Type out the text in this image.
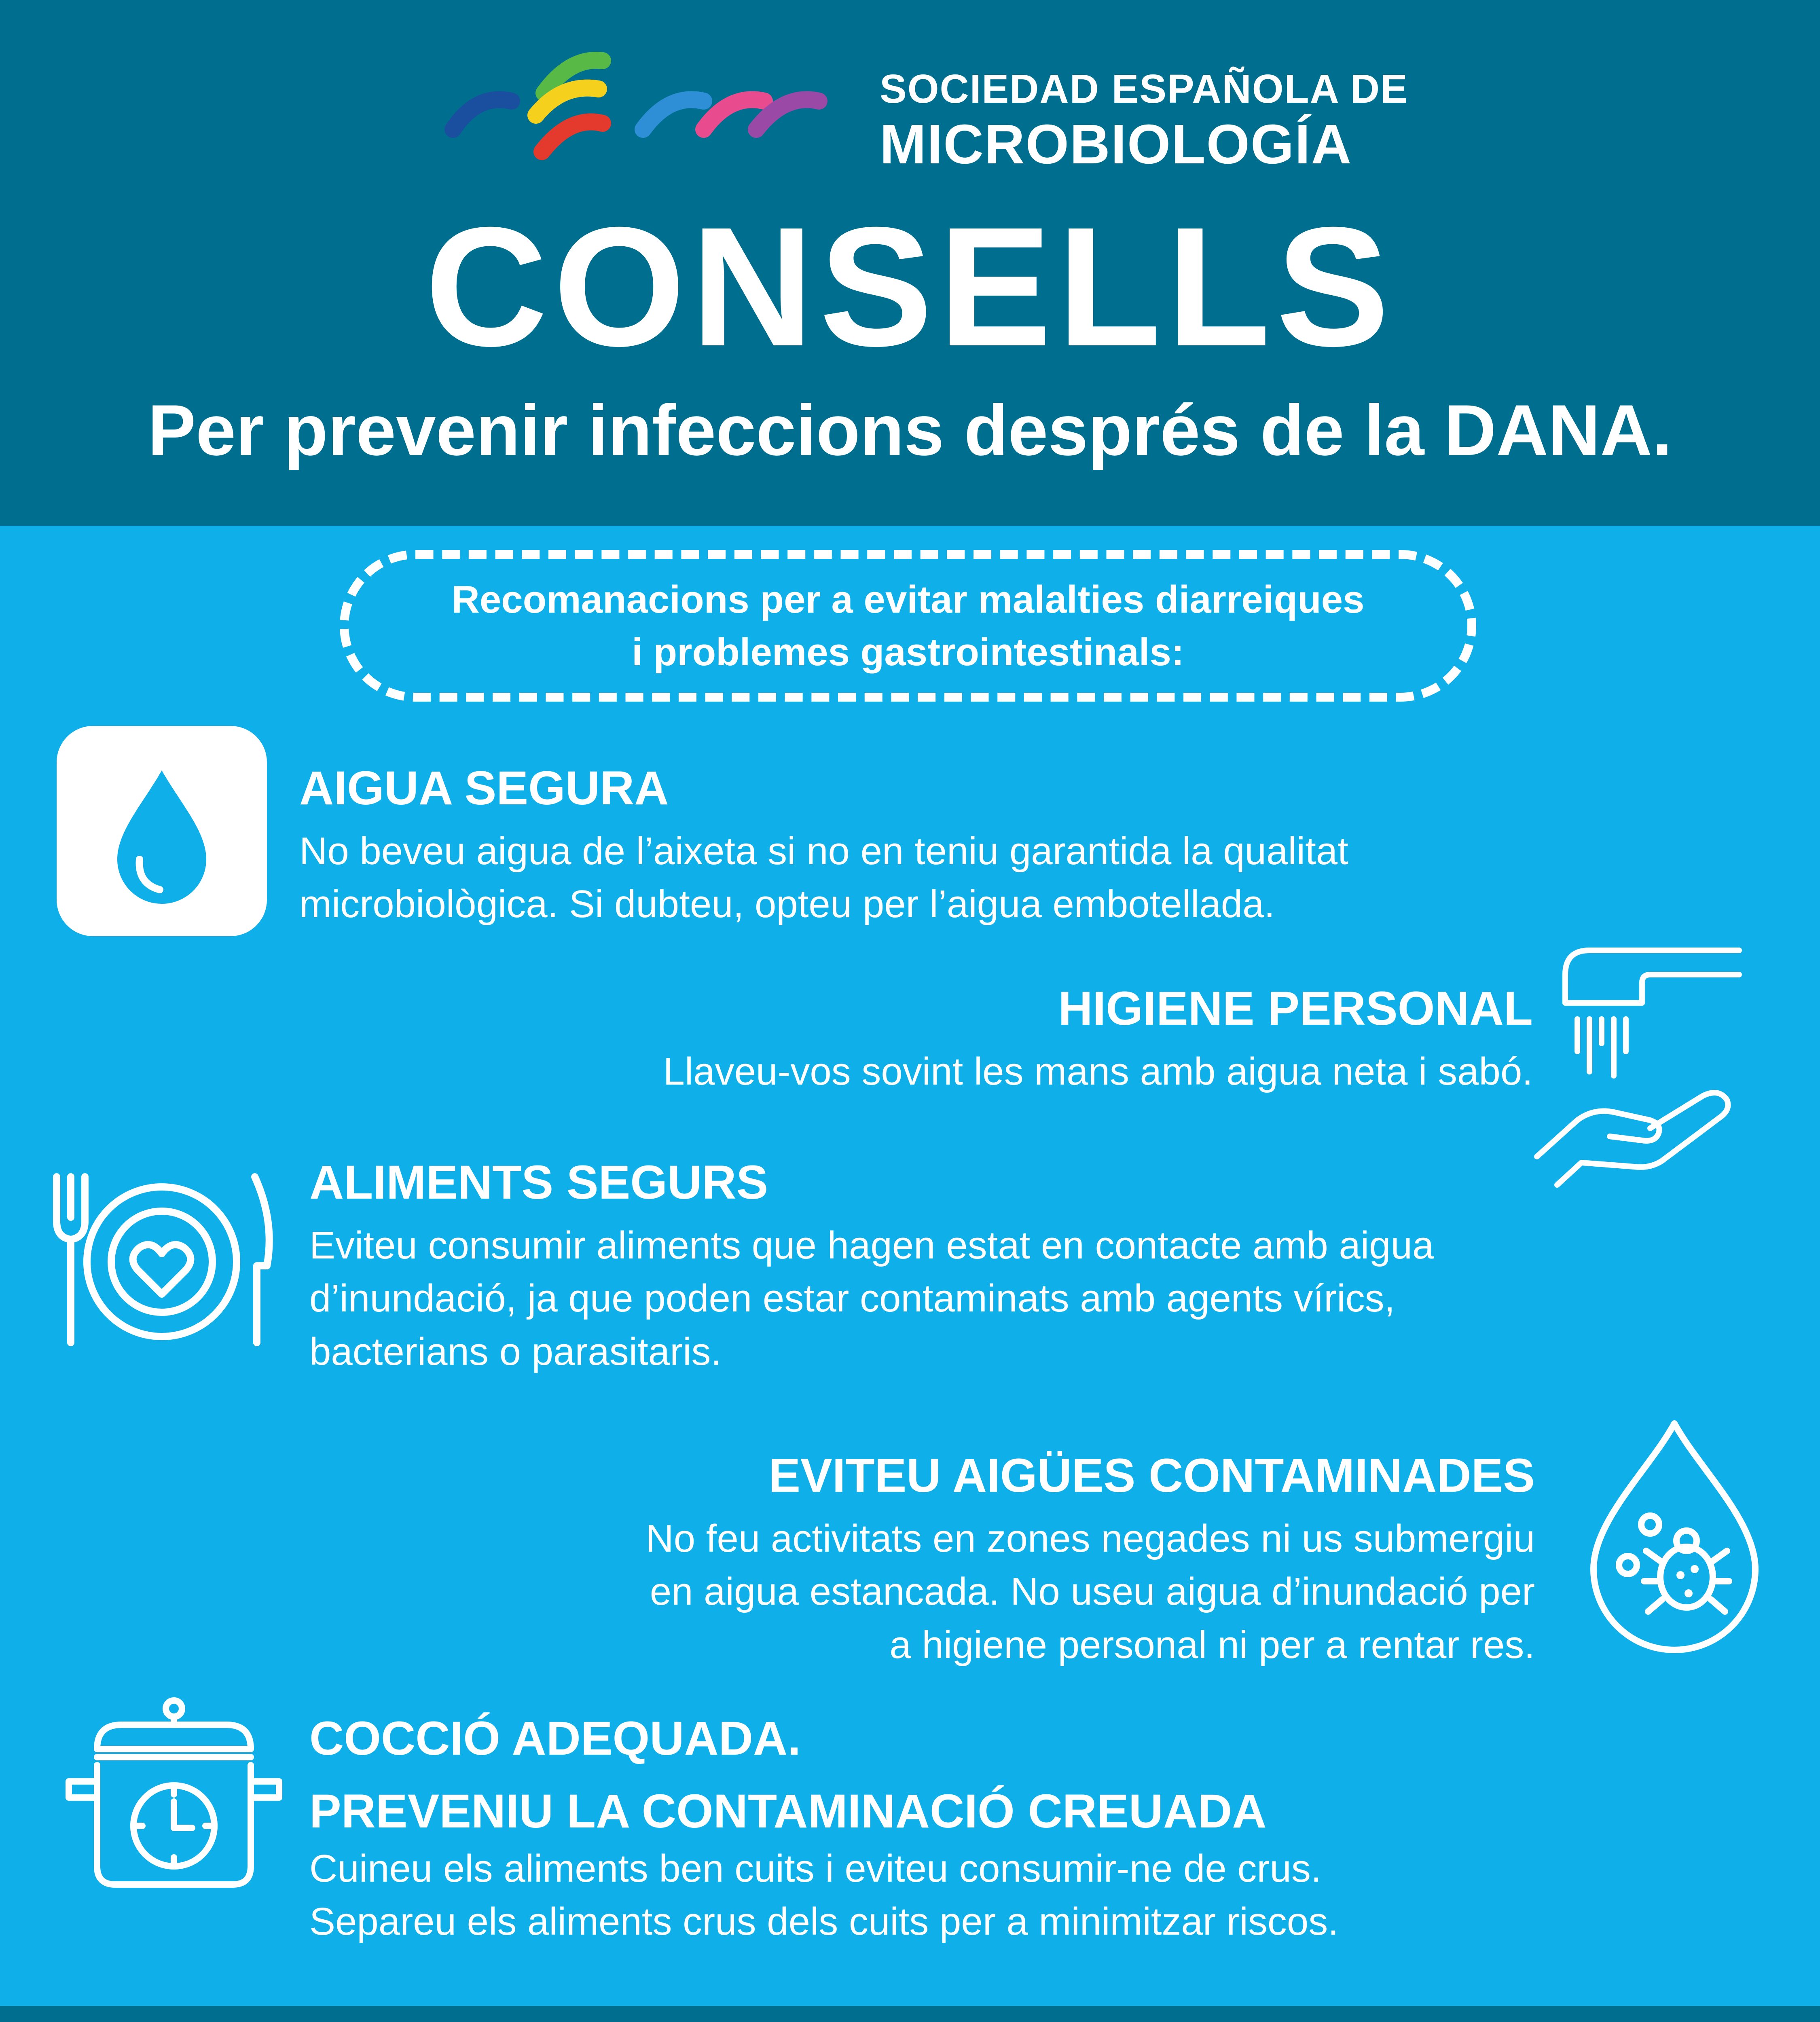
SOCIEDAD ESPAÑOLA DE
MICROBIOLOGÍA
CONSELLS
Per prevenir infeccions després de la DANA.
Recomanacions per a evitar malalties diarreiques
i problemes gastrointestinals:
AIGUA SEGURA
No beveu aigua de l’aixeta si no en teniu garantida la qualitat
microbiològica. Si dubteu, opteu per l’aigua embotellada.
HIGIENE PERSONAL
Llaveu-vos sovint les mans amb aigua neta i sabó.
ALIMENTS SEGURS
Eviteu consumir aliments que hagen estat en contacte amb aigua
d’inundació, ja que poden estar contaminats amb agents vírics,
bacterians o parasitaris.
EVITEU AIGÜES CONTAMINADES
No feu activitats en zones negades ni us submergiu
en aigua estancada. No useu aigua d’inundació per
a higiene personal ni per a rentar res.
COCCIÓ ADEQUADA.
PREVENIU LA CONTAMINACIÓ CREUADA
Cuineu els aliments ben cuits i eviteu consumir-ne de crus.
Separeu els aliments crus dels cuits per a minimitzar riscos.
